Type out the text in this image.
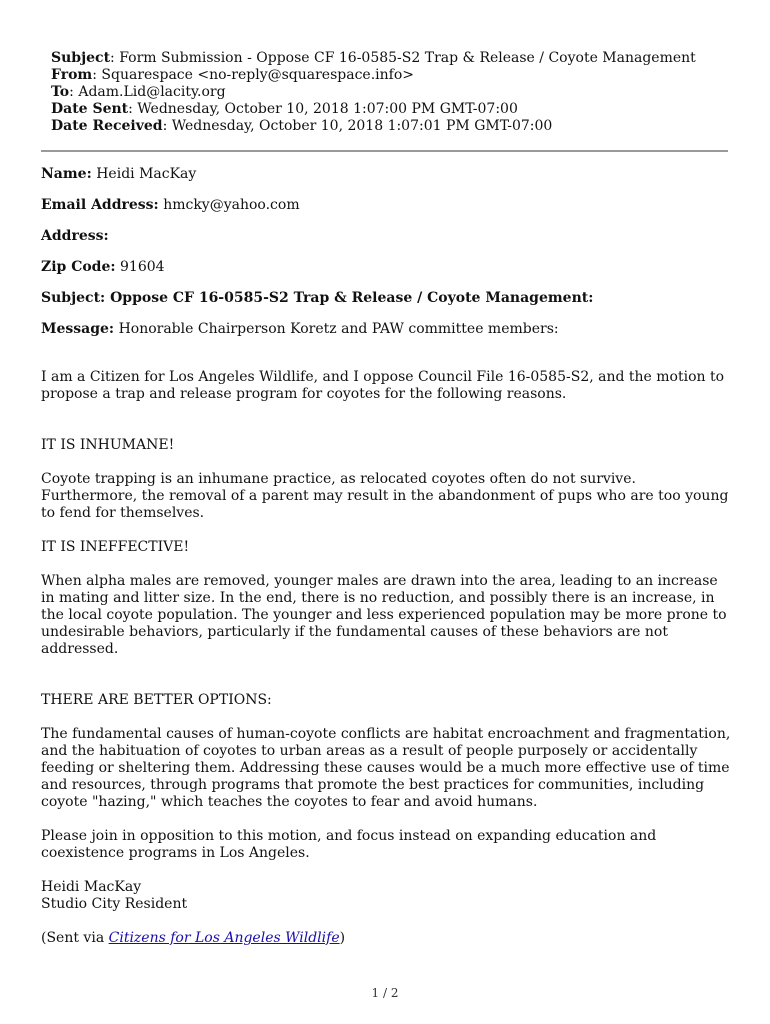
Subject: Form Submission - Oppose CF 16-0585-S2 Trap & Release / Coyote Management
From: Squarespace <no-reply@squarespace.info>
To: Adam.Lid@lacity.org
Date Sent: Wednesday, October 10, 2018 1:07:00 PM GMT-07:00
Date Received: Wednesday, October 10, 2018 1:07:01 PM GMT-07:00
Name: Heidi MacKay
Email Address: hmcky@yahoo.com
Address:
Zip Code: 91604
Subject: Oppose CF 16-0585-S2 Trap & Release / Coyote Management:
Message: Honorable Chairperson Koretz and PAW committee members:
I am a Citizen for Los Angeles Wildlife, and I oppose Council File 16-0585-S2, and the motion to propose a trap and release program for coyotes for the following reasons.
IT IS INHUMANE!
Coyote trapping is an inhumane practice, as relocated coyotes often do not survive. Furthermore, the removal of a parent may result in the abandonment of pups who are too young to fend for themselves.
IT IS INEFFECTIVE!
When alpha males are removed, younger males are drawn into the area, leading to an increase in mating and litter size. In the end, there is no reduction, and possibly there is an increase, in the local coyote population. The younger and less experienced population may be more prone to undesirable behaviors, particularly if the fundamental causes of these behaviors are not addressed.
THERE ARE BETTER OPTIONS:
The fundamental causes of human-coyote conflicts are habitat encroachment and fragmentation, and the habituation of coyotes to urban areas as a result of people purposely or accidentally feeding or sheltering them. Addressing these causes would be a much more effective use of time and resources, through programs that promote the best practices for communities, including coyote "hazing," which teaches the coyotes to fear and avoid humans.
Please join in opposition to this motion, and focus instead on expanding education and coexistence programs in Los Angeles.
Heidi MacKay
Studio City Resident
(Sent via Citizens for Los Angeles Wildlife)
1 / 2
